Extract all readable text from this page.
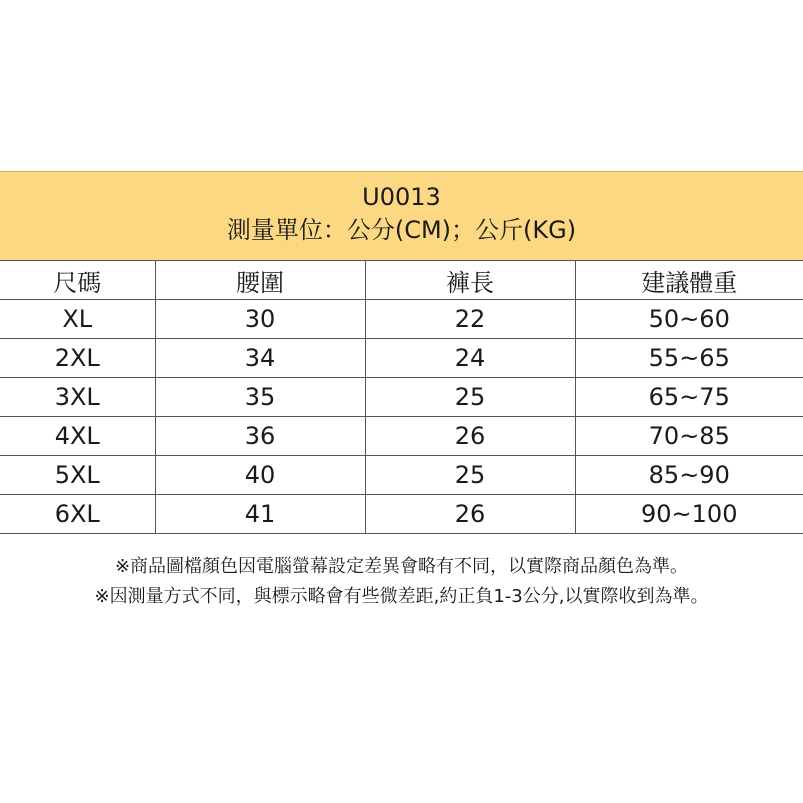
U0013
測量單位：公分(CM)；公斤(KG)
尺碼	腰圍	褲長	建議體重
XL	30	22	50~60
2XL	34	24	55~65
3XL	35	25	65~75
4XL	36	26	70~85
5XL	40	25	85~90
6XL	41	26	90~100
※商品圖檔顏色因電腦螢幕設定差異會略有不同，以實際商品顏色為準。
※因測量方式不同，與標示略會有些微差距,約正負1-3公分,以實際收到為準。
